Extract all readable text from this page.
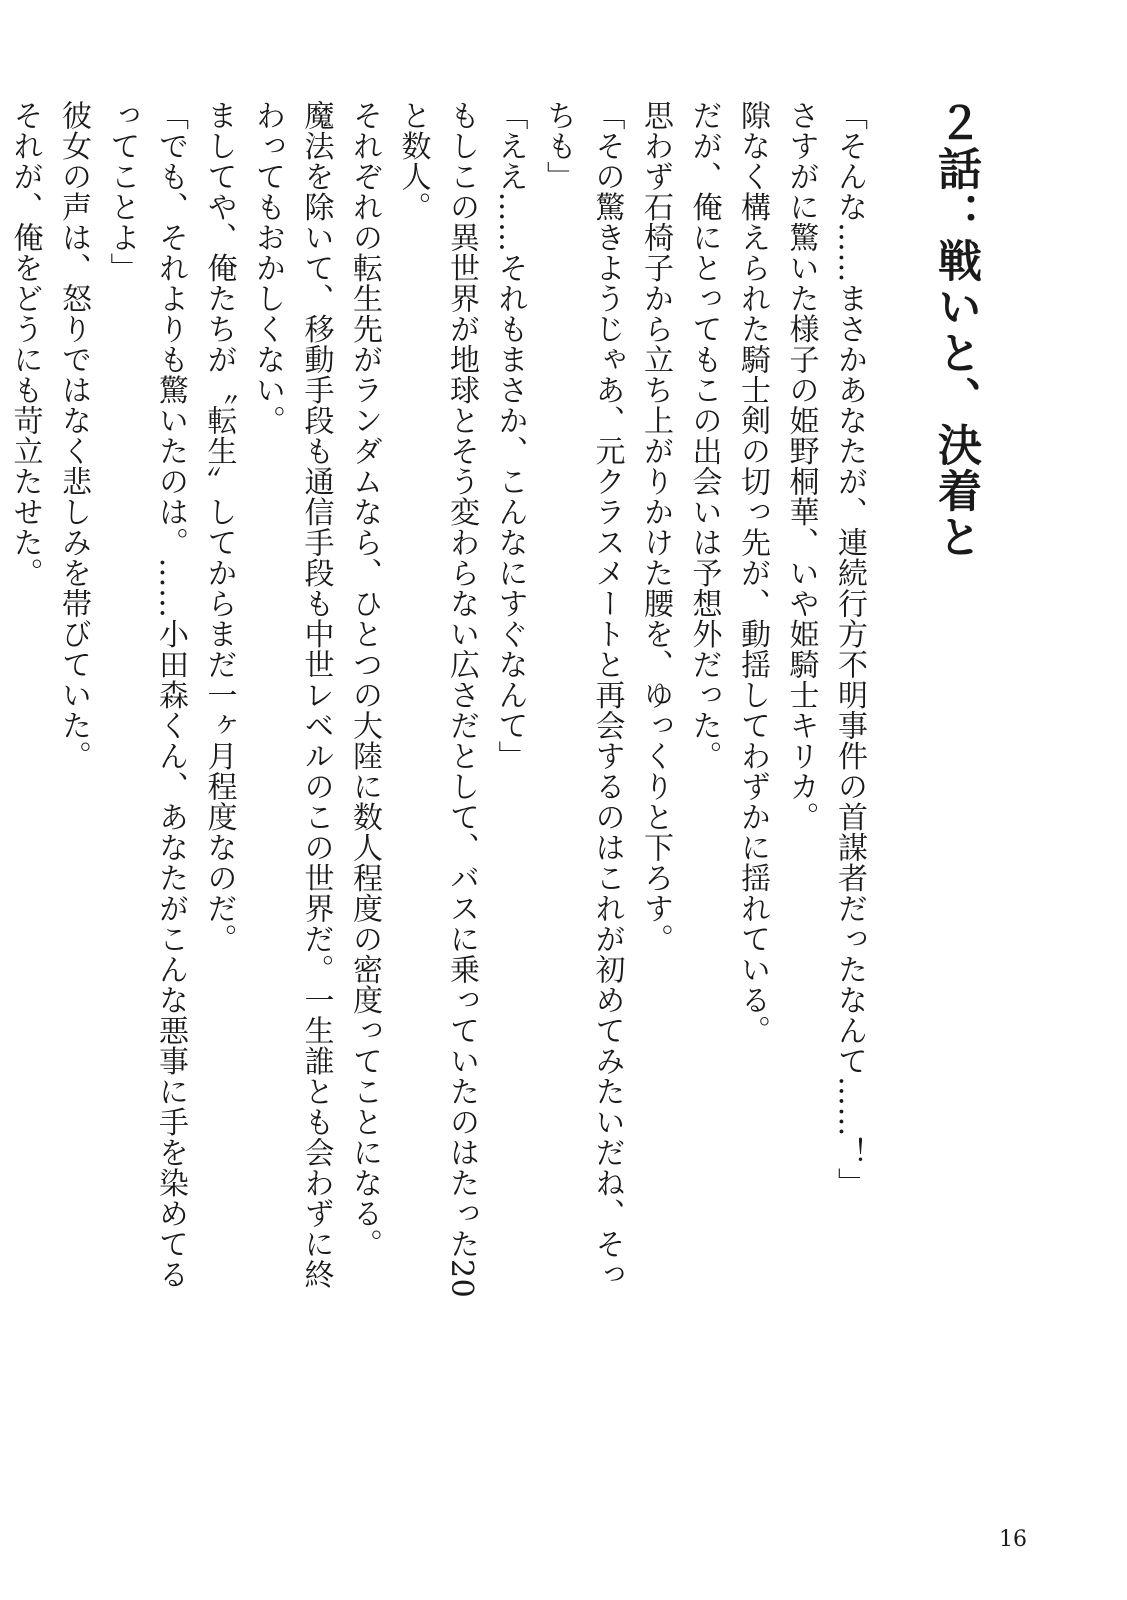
２話：戦いと、決着と

「そんな……まさかあなたが、連続行方不明事件の首謀者だったなんて……！」

さすがに驚いた様子の姫野桐華、いや姫騎士キリカ。

隙なく構えられた騎士剣の切っ先が、動揺してわずかに揺れている。

だが、俺にとってもこの出会いは予想外だった。

思わず石椅子から立ち上がりかけた腰を、ゆっくりと下ろす。

「その驚きようじゃあ、元クラスメートと再会するのはこれが初めてみたいだね、そっちも」

「ええ……それもまさか、こんなにすぐなんて」

もしこの異世界が地球とそう変わらない広さだとして、バスに乗っていたのはたった20と数人。

それぞれの転生先がランダムなら、ひとつの大陸に数人程度の密度ってことになる。

魔法を除いて、移動手段も通信手段も中世レベルのこの世界だ。一生誰とも会わずに終わってもおかしくない。

ましてや、俺たちが〝転生〟してからまだ一ヶ月程度なのだ。

「でも、それよりも驚いたのは。……小田森くん、あなたがこんな悪事に手を染めてるってことよ」

彼女の声は、怒りではなく悲しみを帯びていた。

それが、俺をどうにも苛立たせた。

16
